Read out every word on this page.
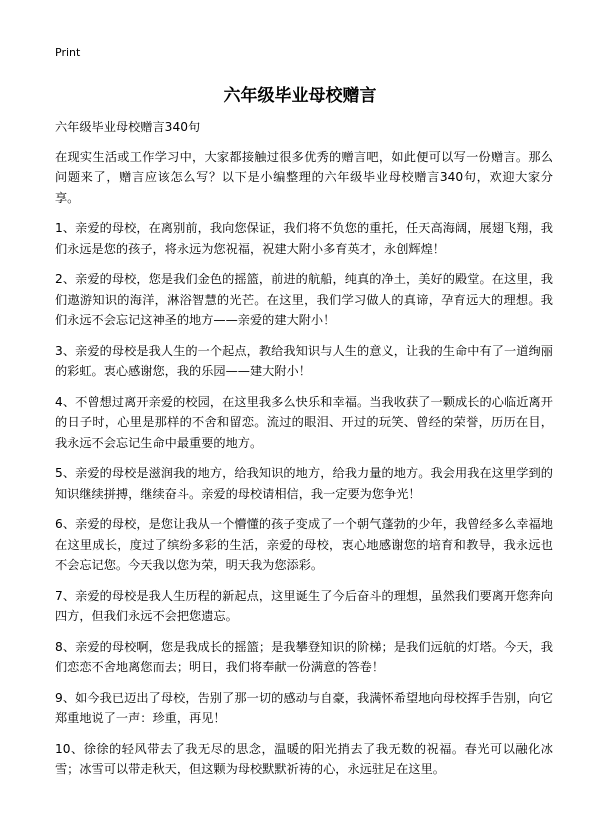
Print
六年级毕业母校赠言

六年级毕业母校赠言340句

在现实生活或工作学习中，大家都接触过很多优秀的赠言吧，如此便可以写一份赠言。那么问题来了，赠言应该怎么写？以下是小编整理的六年级毕业母校赠言340句，欢迎大家分享。

1、亲爱的母校，在离别前，我向您保证，我们将不负您的重托，任天高海阔，展翅飞翔，我们永远是您的孩子，将永远为您祝福，祝建大附小多育英才，永创辉煌！

2、亲爱的母校，您是我们金色的摇篮，前进的航船，纯真的净土，美好的殿堂。在这里，我们遨游知识的海洋，淋浴智慧的光芒。在这里，我们学习做人的真谛，孕育远大的理想。我们永远不会忘记这神圣的地方——亲爱的建大附小！

3、亲爱的母校是我人生的一个起点，教给我知识与人生的意义，让我的生命中有了一道绚丽的彩虹。衷心感谢您，我的乐园——建大附小！

4、不曾想过离开亲爱的校园，在这里我多么快乐和幸福。当我收获了一颗成长的心临近离开的日子时，心里是那样的不舍和留恋。流过的眼泪、开过的玩笑、曾经的荣誉，历历在目，我永远不会忘记生命中最重要的地方。

5、亲爱的母校是滋润我的地方，给我知识的地方，给我力量的地方。我会用我在这里学到的知识继续拼搏，继续奋斗。亲爱的母校请相信，我一定要为您争光！

6、亲爱的母校，是您让我从一个懵懂的孩子变成了一个朝气蓬勃的少年，我曾经多么幸福地在这里成长，度过了缤纷多彩的生活，亲爱的母校，衷心地感谢您的培育和教导，我永远也不会忘记您。今天我以您为荣，明天我为您添彩。

7、亲爱的母校是我人生历程的新起点，这里诞生了今后奋斗的理想，虽然我们要离开您奔向四方，但我们永远不会把您遗忘。

8、亲爱的母校啊，您是我成长的摇篮；是我攀登知识的阶梯；是我们远航的灯塔。今天，我们恋恋不舍地离您而去；明日，我们将奉献一份满意的答卷！

9、如今我已迈出了母校，告别了那一切的感动与自豪，我满怀希望地向母校挥手告别，向它郑重地说了一声：珍重，再见！

10、徐徐的轻风带去了我无尽的思念，温暖的阳光捎去了我无数的祝福。春光可以融化冰雪；冰雪可以带走秋天，但这颗为母校默默祈祷的心，永远驻足在这里。
